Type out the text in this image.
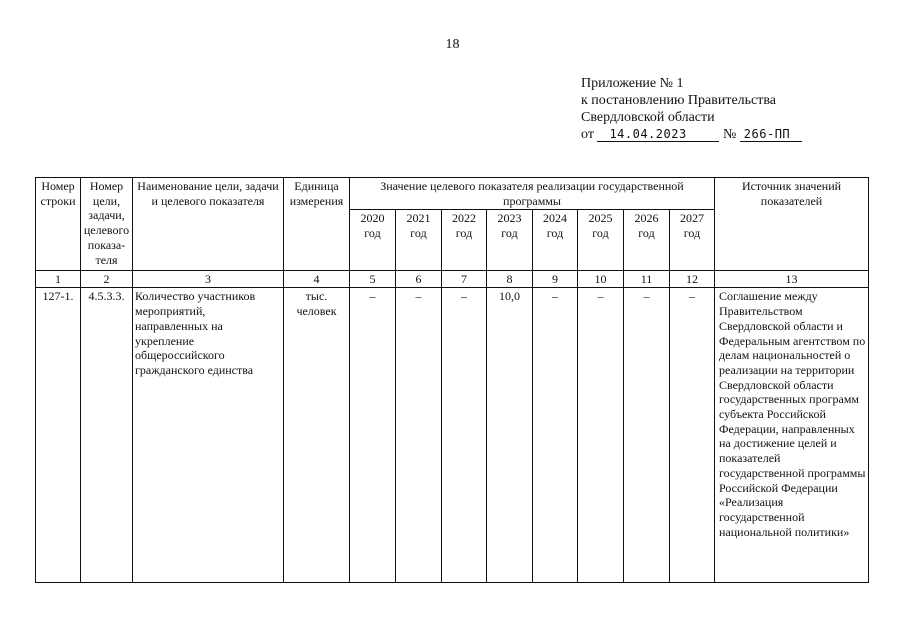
18
Приложение № 1
к постановлению Правительства
Свердловской области
от 14.04.2023	№ 266-ПП
Номер строки	Номер цели, задачи, целевого показа-теля	Наименование цели, задачи и целевого показателя	Единица измерения	Значение целевого показателя реализации государственной программы								Источник значений показателей
				2020 год	2021 год	2022 год	2023 год	2024 год	2025 год	2026 год	2027 год	
1	2	3	4	5	6	7	8	9	10	11	12	13
127-1.	4.5.3.3.	Количество участников мероприятий, направленных на укрепление общероссийского гражданского единства	тыс. человек	–	–	–	10,0	–	–	–	–	Соглашение между Правительством Свердловской области и Федеральным агентством по делам национальностей о реализации на территории Свердловской области государственных программ субъекта Российской Федерации, направленных на достижение целей и показателей государственной программы Российской Федерации «Реализация государственной национальной политики»
